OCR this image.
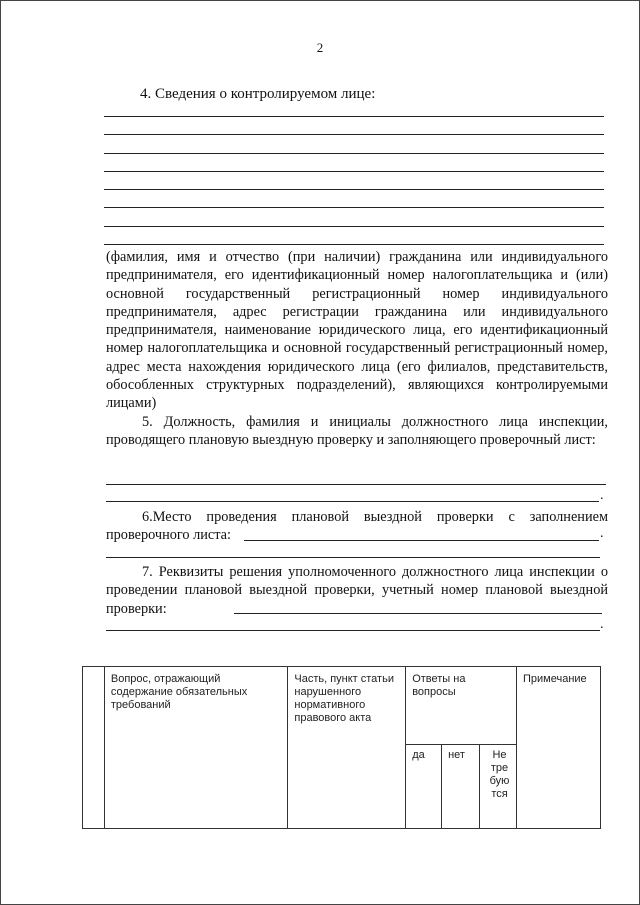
2
4. Сведения о контролируемом лице:
(фамилия, имя и отчество (при наличии) гражданина или индивидуального предпринимателя, его идентификационный номер налогоплательщика и (или) основной государственный регистрационный номер индивидуального предпринимателя, адрес регистрации гражданина или индивидуального предпринимателя, наименование юридического лица, его идентификационный номер налогоплательщика и основной государственный регистрационный номер, адрес места нахождения юридического лица (его филиалов, представительств, обособленных структурных подразделений), являющихся контролируемыми лицами)
5. Должность, фамилия и инициалы должностного лица инспекции, проводящего плановую выездную проверку и заполняющего проверочный лист:
.
6.Место проведения плановой выездной проверки с заполнением проверочного листа:	.
7. Реквизиты решения уполномоченного должностного лица инспекции о проведении плановой выездной проверки, учетный номер плановой выездной проверки:
.
	Вопрос, отражающий содержание обязательных требований	Часть, пункт статьи нарушенного нормативного правового акта	Ответы на вопросы			Примечание
			да	нет	Не тре бую тся	
